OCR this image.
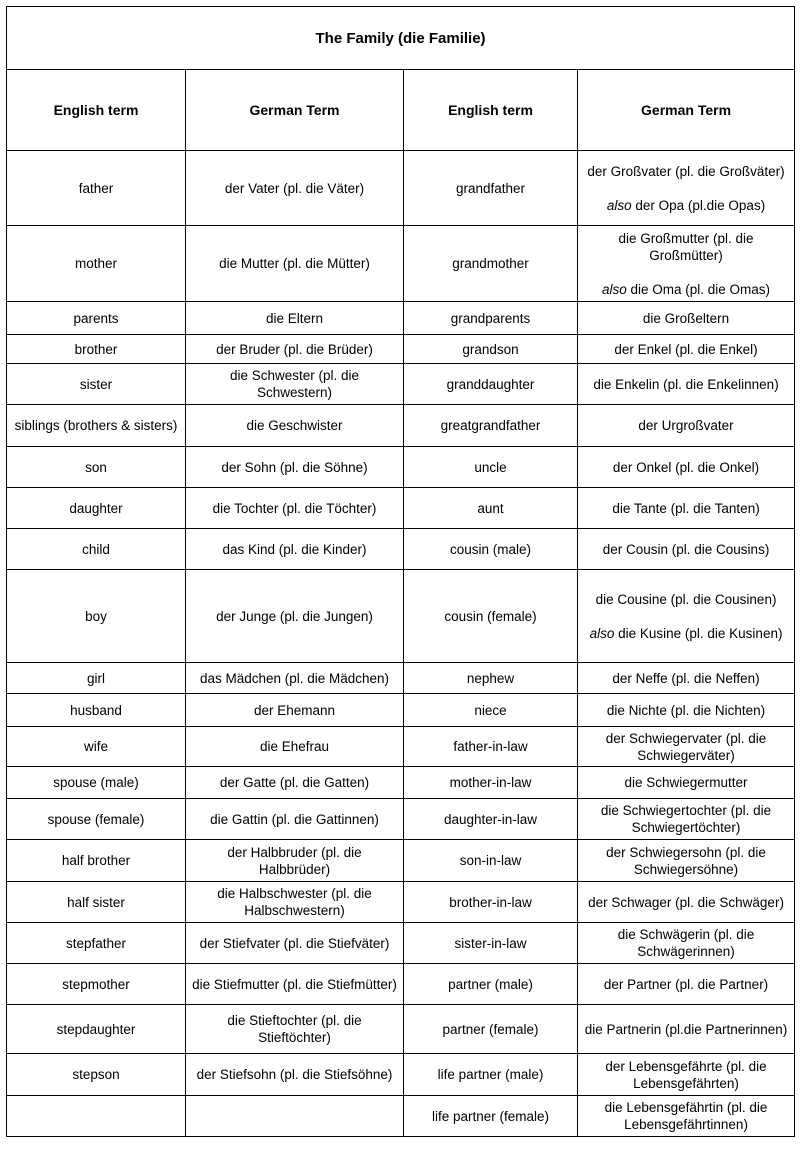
The Family (die Familie)			
English term	German Term	English term	German Term

father	der Vater (pl. die Väter)	grandfather	der Großvater (pl. die Großväter)
also der Opa (pl.die Opas)

mother	die Mutter (pl. die Mütter)	grandmother	die Großmutter (pl. die Großmütter)
also die Oma (pl. die Omas)

parents	die Eltern	grandparents	die Großeltern

brother	der Bruder (pl. die Brüder)	grandson	der Enkel (pl. die Enkel)

sister	die Schwester (pl. die Schwestern)	granddaughter	die Enkelin (pl. die Enkelinnen)

siblings (brothers & sisters)	die Geschwister	greatgrandfather	der Urgroßvater

son	der Sohn (pl. die Söhne)	uncle	der Onkel (pl. die Onkel)

daughter	die Tochter (pl. die Töchter)	aunt	die Tante (pl. die Tanten)

child	das Kind (pl. die Kinder)	cousin (male)	der Cousin (pl. die Cousins)

boy	der Junge (pl. die Jungen)	cousin (female)	die Cousine (pl. die Cousinen)
also die Kusine (pl. die Kusinen)

girl	das Mädchen (pl. die Mädchen)	nephew	der Neffe (pl. die Neffen)

husband	der Ehemann	niece	die Nichte (pl. die Nichten)

wife	die Ehefrau	father-in-law	der Schwiegervater (pl. die Schwiegerväter)

spouse (male)	der Gatte (pl. die Gatten)	mother-in-law	die Schwiegermutter

spouse (female)	die Gattin (pl. die Gattinnen)	daughter-in-law	die Schwiegertochter (pl. die Schwiegertöchter)

half brother	der Halbbruder (pl. die Halbbrüder)	son-in-law	der Schwiegersohn (pl. die Schwiegersöhne)

half sister	die Halbschwester (pl. die Halbschwestern)	brother-in-law	der Schwager (pl. die Schwäger)

stepfather	der Stiefvater (pl. die Stiefväter)	sister-in-law	die Schwägerin (pl. die Schwägerinnen)

stepmother	die Stiefmutter (pl. die Stiefmütter)	partner (male)	der Partner (pl. die Partner)

stepdaughter	die Stieftochter (pl. die Stieftöchter)	partner (female)	die Partnerin (pl.die Partnerinnen)

stepson	der Stiefsohn (pl. die Stiefsöhne)	life partner (male)	der Lebensgefährte (pl. die Lebensgefährten)

		life partner (female)	die Lebensgefährtin (pl. die Lebensgefährtinnen)
